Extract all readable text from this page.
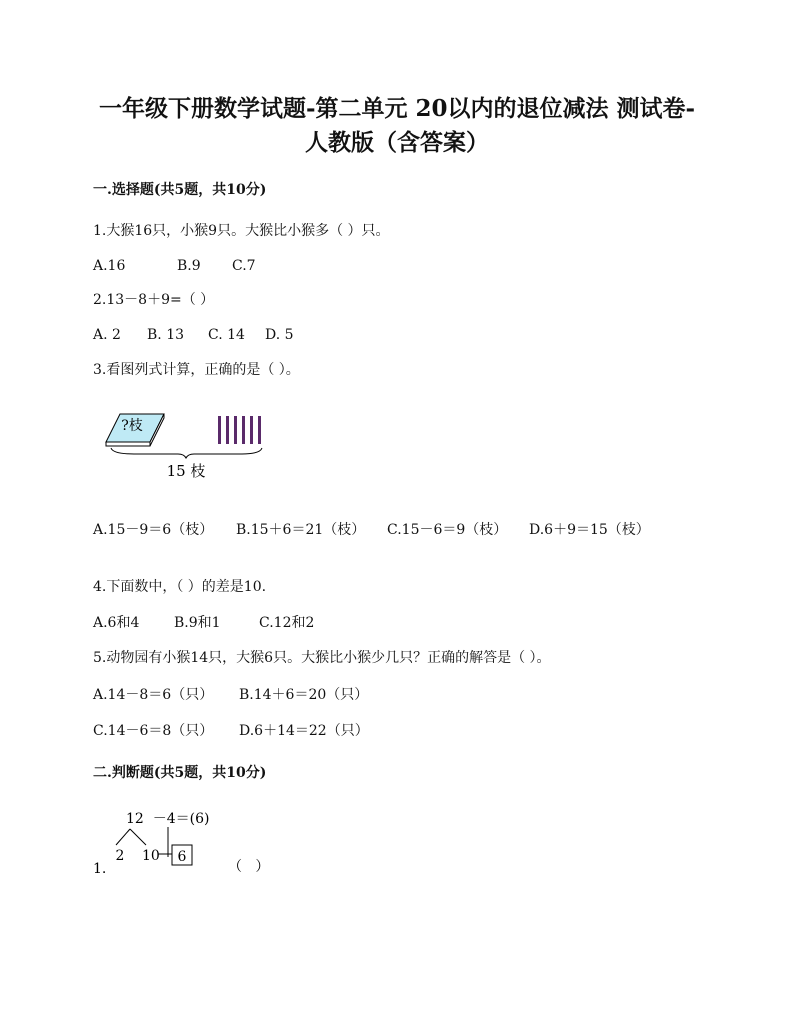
一年级下册数学试题-第二单元 20以内的退位减法 测试卷-
人教版（含答案）
一.选择题(共5题，共10分)
1.大猴16只，小猴9只。大猴比小猴多（ ）只。
A.16	B.9 C.7
2.13－8＋9=（ ）
A. 2 B. 13 C. 14 D. 5
3.看图列式计算，正确的是（ ）。
?枝
15 枝
A.15－9＝6（枝） B.15＋6＝21（枝） C.15－6＝9（枝） D.6＋9＝15（枝）
4.下面数中，（ ）的差是10.
A.6和4 B.9和1	C.12和2
5.动物园有小猴14只，大猴6只。大猴比小猴少几只？正确的解答是（ ）。
A.14－8＝6（只） B.14＋6＝20（只）
C.14－6＝8（只） D.6＋14＝22（只）
二.判断题(共5题，共10分)
12  －4＝(6)
2 10 6
1.	（   ）
